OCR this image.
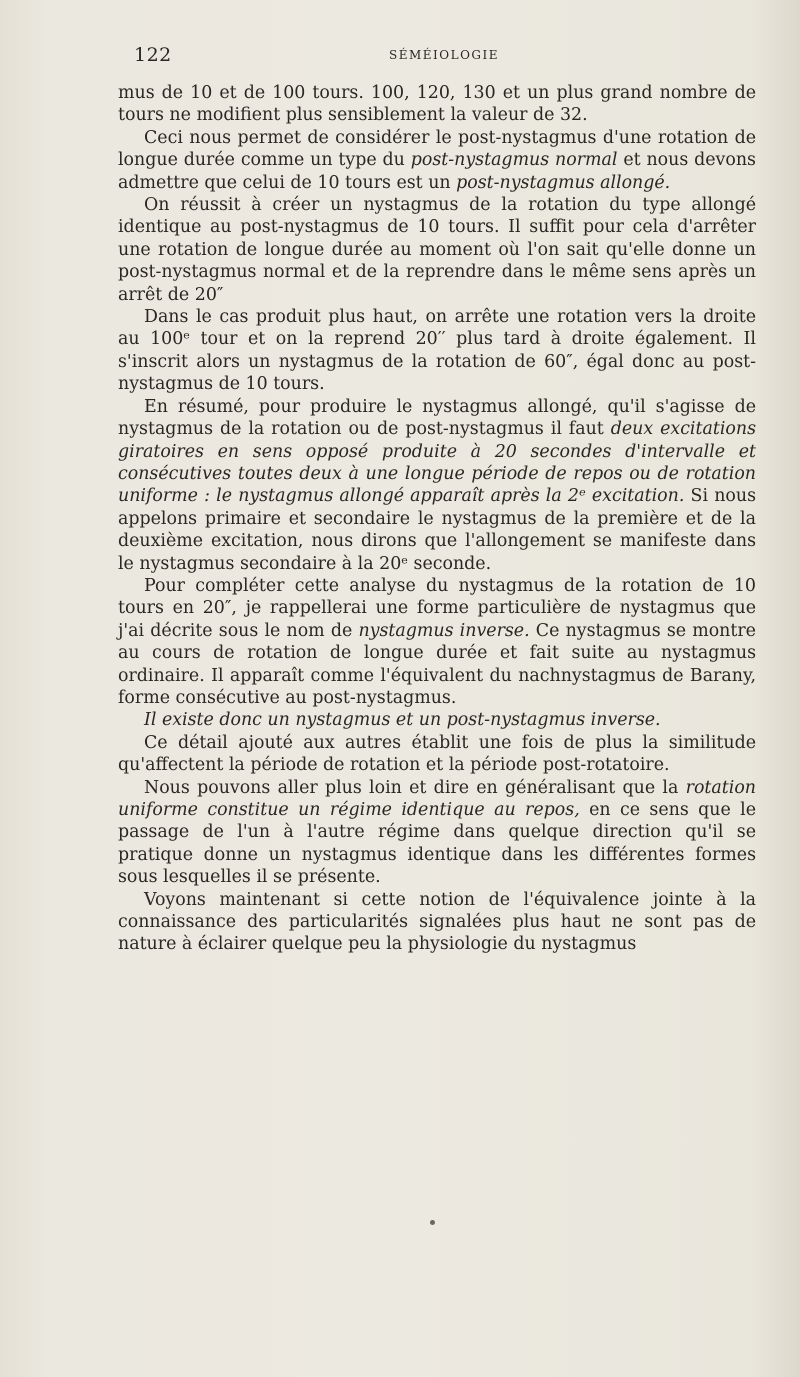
122	SÉMÉIOLOGIE

mus de 10 et de 100 tours. 100, 120, 130 et un plus grand nombre de tours ne modifient plus sensiblement la valeur de 32.

Ceci nous permet de considérer le post-nystagmus d'une rotation de longue durée comme un type du post-nystagmus normal et nous devons admettre que celui de 10 tours est un post-nystagmus allongé.

On réussit à créer un nystagmus de la rotation du type allongé identique au post-nystagmus de 10 tours. Il suffit pour cela d'arrêter une rotation de longue durée au moment où l'on sait qu'elle donne un post-nystagmus normal et de la reprendre dans le même sens après un arrêt de 20″

Dans le cas produit plus haut, on arrête une rotation vers la droite au 100ᵉ tour et on la reprend 20′′ plus tard à droite également. Il s'inscrit alors un nystagmus de la rotation de 60″, égal donc au post-nystagmus de 10 tours.

En résumé, pour produire le nystagmus allongé, qu'il s'agisse de nystagmus de la rotation ou de post-nystagmus il faut deux excitations giratoires en sens opposé produite à 20 secondes d'intervalle et consécutives toutes deux à une longue période de repos ou de rotation uniforme : le nystagmus allongé apparaît après la 2ᵉ excitation. Si nous appelons primaire et secondaire le nystagmus de la première et de la deuxième excitation, nous dirons que l'allongement se manifeste dans le nystagmus secondaire à la 20ᵉ seconde.

Pour compléter cette analyse du nystagmus de la rotation de 10 tours en 20″, je rappellerai une forme particulière de nystagmus que j'ai décrite sous le nom de nystagmus inverse. Ce nystagmus se montre au cours de rotation de longue durée et fait suite au nystagmus ordinaire. Il apparaît comme l'équivalent du nachnystagmus de Barany, forme consécutive au post-nystagmus.

Il existe donc un nystagmus et un post-nystagmus inverse.

Ce détail ajouté aux autres établit une fois de plus la similitude qu'affectent la période de rotation et la période post-rotatoire.

Nous pouvons aller plus loin et dire en généralisant que la rotation uniforme constitue un régime identique au repos, en ce sens que le passage de l'un à l'autre régime dans quelque direction qu'il se pratique donne un nystagmus identique dans les différentes formes sous lesquelles il se présente.

Voyons maintenant si cette notion de l'équivalence jointe à la connaissance des particularités signalées plus haut ne sont pas de nature à éclairer quelque peu la physiologie du nystagmus
